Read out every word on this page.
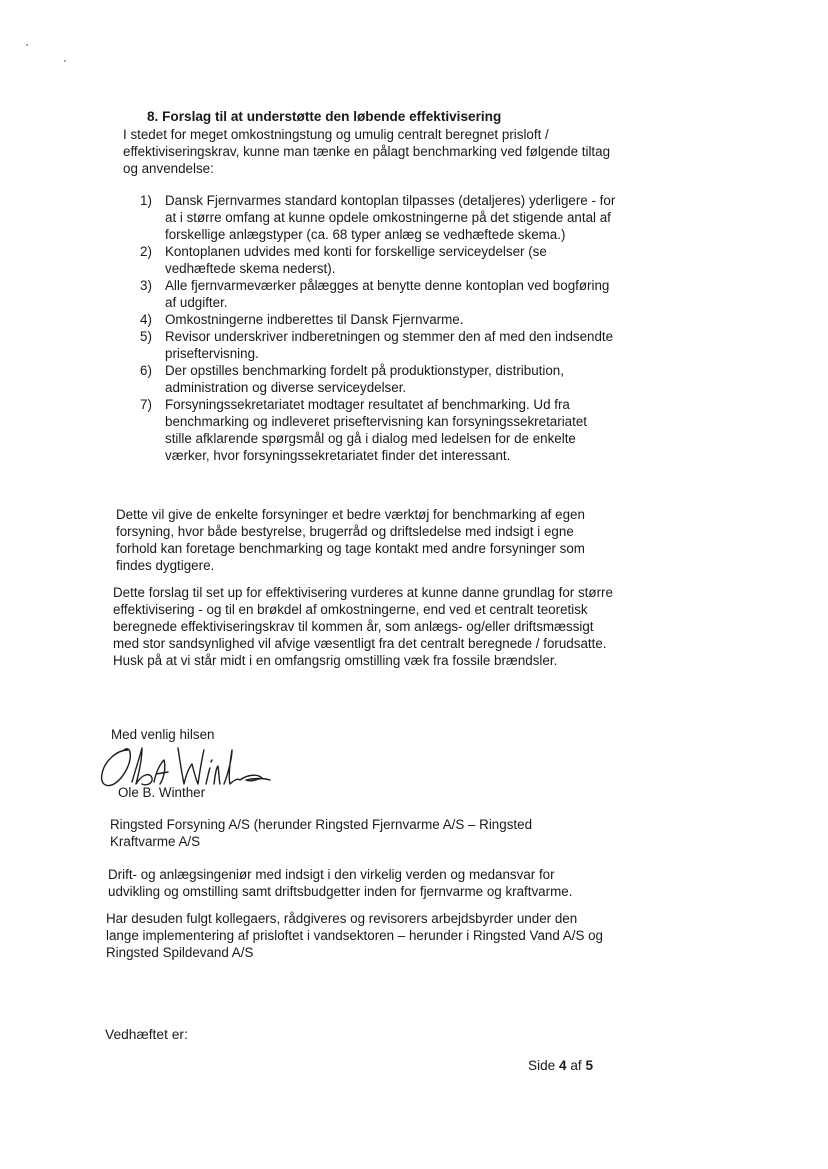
8. Forslag til at understøtte den løbende effektivisering
I stedet for meget omkostningstung og umulig centralt beregnet prisloft / effektiviseringskrav, kunne man tænke en pålagt benchmarking ved følgende tiltag og anvendelse:
1) Dansk Fjernvarmes standard kontoplan tilpasses (detaljeres) yderligere - for at i større omfang at kunne opdele omkostningerne på det stigende antal af forskellige anlægstyper (ca. 68 typer anlæg se vedhæftede skema.)
2) Kontoplanen udvides med konti for forskellige serviceydelser (se vedhæftede skema nederst).
3) Alle fjernvarmeværker pålægges at benytte denne kontoplan ved bogføring af udgifter.
4) Omkostningerne indberettes til Dansk Fjernvarme.
5) Revisor underskriver indberetningen og stemmer den af med den indsendte priseftervisning.
6) Der opstilles benchmarking fordelt på produktionstyper, distribution, administration og diverse serviceydelser.
7) Forsyningssekretariatet modtager resultatet af benchmarking. Ud fra benchmarking og indleveret priseftervisning kan forsyningssekretariatet stille afklarende spørgsmål og gå i dialog med ledelsen for de enkelte værker, hvor forsyningssekretariatet finder det interessant.
Dette vil give de enkelte forsyninger et bedre værktøj for benchmarking af egen forsyning, hvor både bestyrelse, brugerråd og driftsledelse med indsigt i egne forhold kan foretage benchmarking og tage kontakt med andre forsyninger som findes dygtigere.
Dette forslag til set up for effektivisering vurderes at kunne danne grundlag for større effektivisering - og til en brøkdel af omkostningerne, end ved et centralt teoretisk beregnede effektiviseringskrav til kommen år, som anlægs- og/eller driftsmæssigt med stor sandsynlighed vil afvige væsentligt fra det centralt beregnede / forudsatte. Husk på at vi står midt i en omfangsrig omstilling væk fra fossile brændsler.
Med venlig hilsen
Ole B. Winther
Ringsted Forsyning A/S (herunder Ringsted Fjernvarme A/S – Ringsted Kraftvarme A/S
Drift- og anlægsingeniør med indsigt i den virkelig verden og medansvar for udvikling og omstilling samt driftsbudgetter inden for fjernvarme og kraftvarme.
Har desuden fulgt kollegaers, rådgiveres og revisorers arbejdsbyrder under den lange implementering af prisloftet i vandsektoren – herunder i Ringsted Vand A/S og Ringsted Spildevand A/S
Vedhæftet er:
Side 4 af 5
